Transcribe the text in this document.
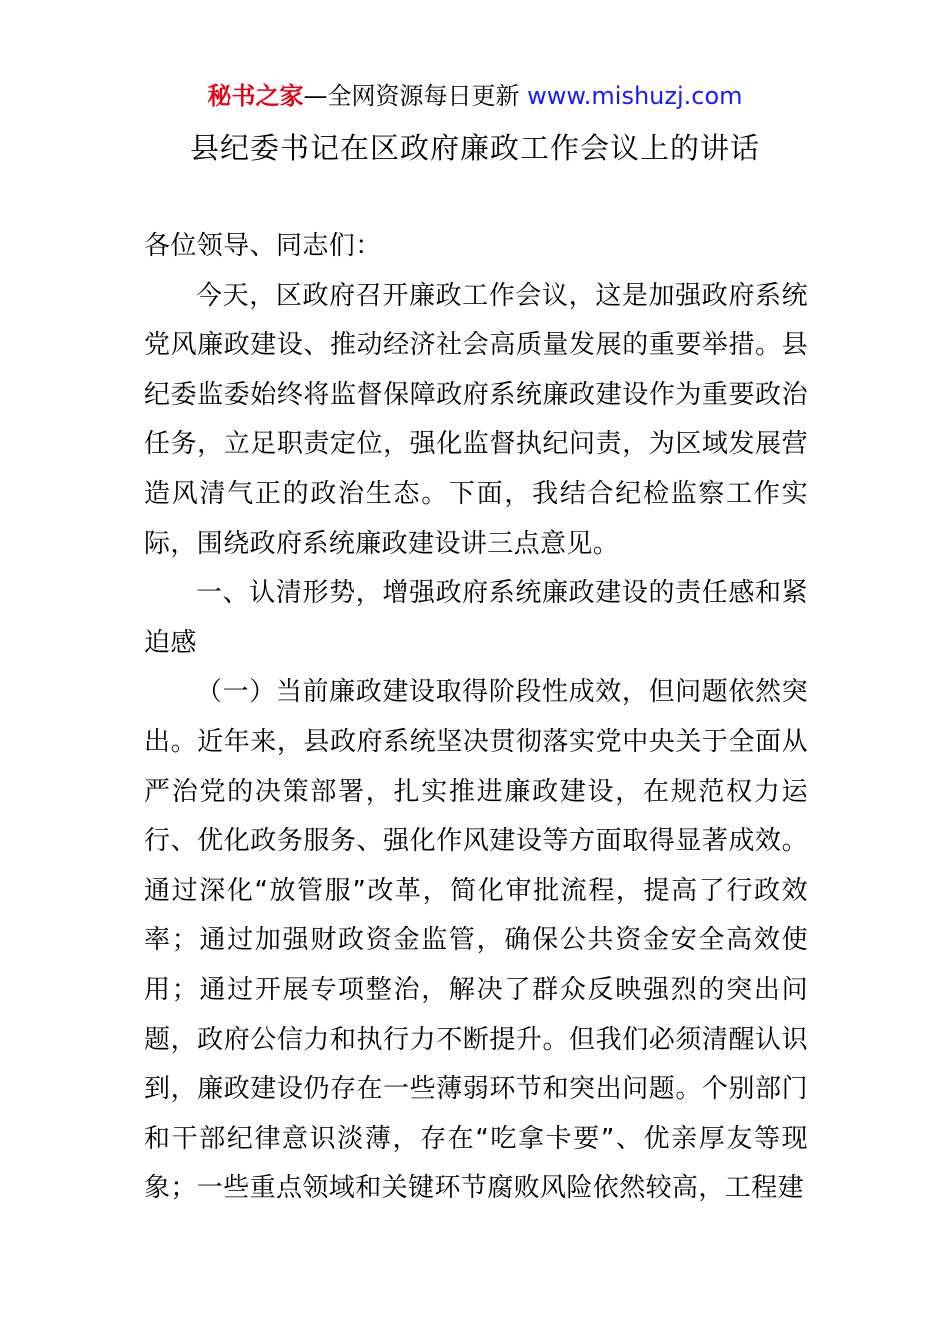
秘书之家—全网资源每日更新 www.mishuzj.com
县纪委书记在区政府廉政工作会议上的讲话

各位领导、同志们：

今天，区政府召开廉政工作会议，这是加强政府系统党风廉政建设、推动经济社会高质量发展的重要举措。县纪委监委始终将监督保障政府系统廉政建设作为重要政治任务，立足职责定位，强化监督执纪问责，为区域发展营造风清气正的政治生态。下面，我结合纪检监察工作实际，围绕政府系统廉政建设讲三点意见。

一、认清形势，增强政府系统廉政建设的责任感和紧迫感

（一）当前廉政建设取得阶段性成效，但问题依然突出。近年来，县政府系统坚决贯彻落实党中央关于全面从严治党的决策部署，扎实推进廉政建设，在规范权力运行、优化政务服务、强化作风建设等方面取得显著成效。通过深化“放管服”改革，简化审批流程，提高了行政效率；通过加强财政资金监管，确保公共资金安全高效使用；通过开展专项整治，解决了群众反映强烈的突出问题，政府公信力和执行力不断提升。但我们必须清醒认识到，廉政建设仍存在一些薄弱环节和突出问题。个别部门和干部纪律意识淡薄，存在“吃拿卡要”、优亲厚友等现象；一些重点领域和关键环节腐败风险依然较高，工程建
